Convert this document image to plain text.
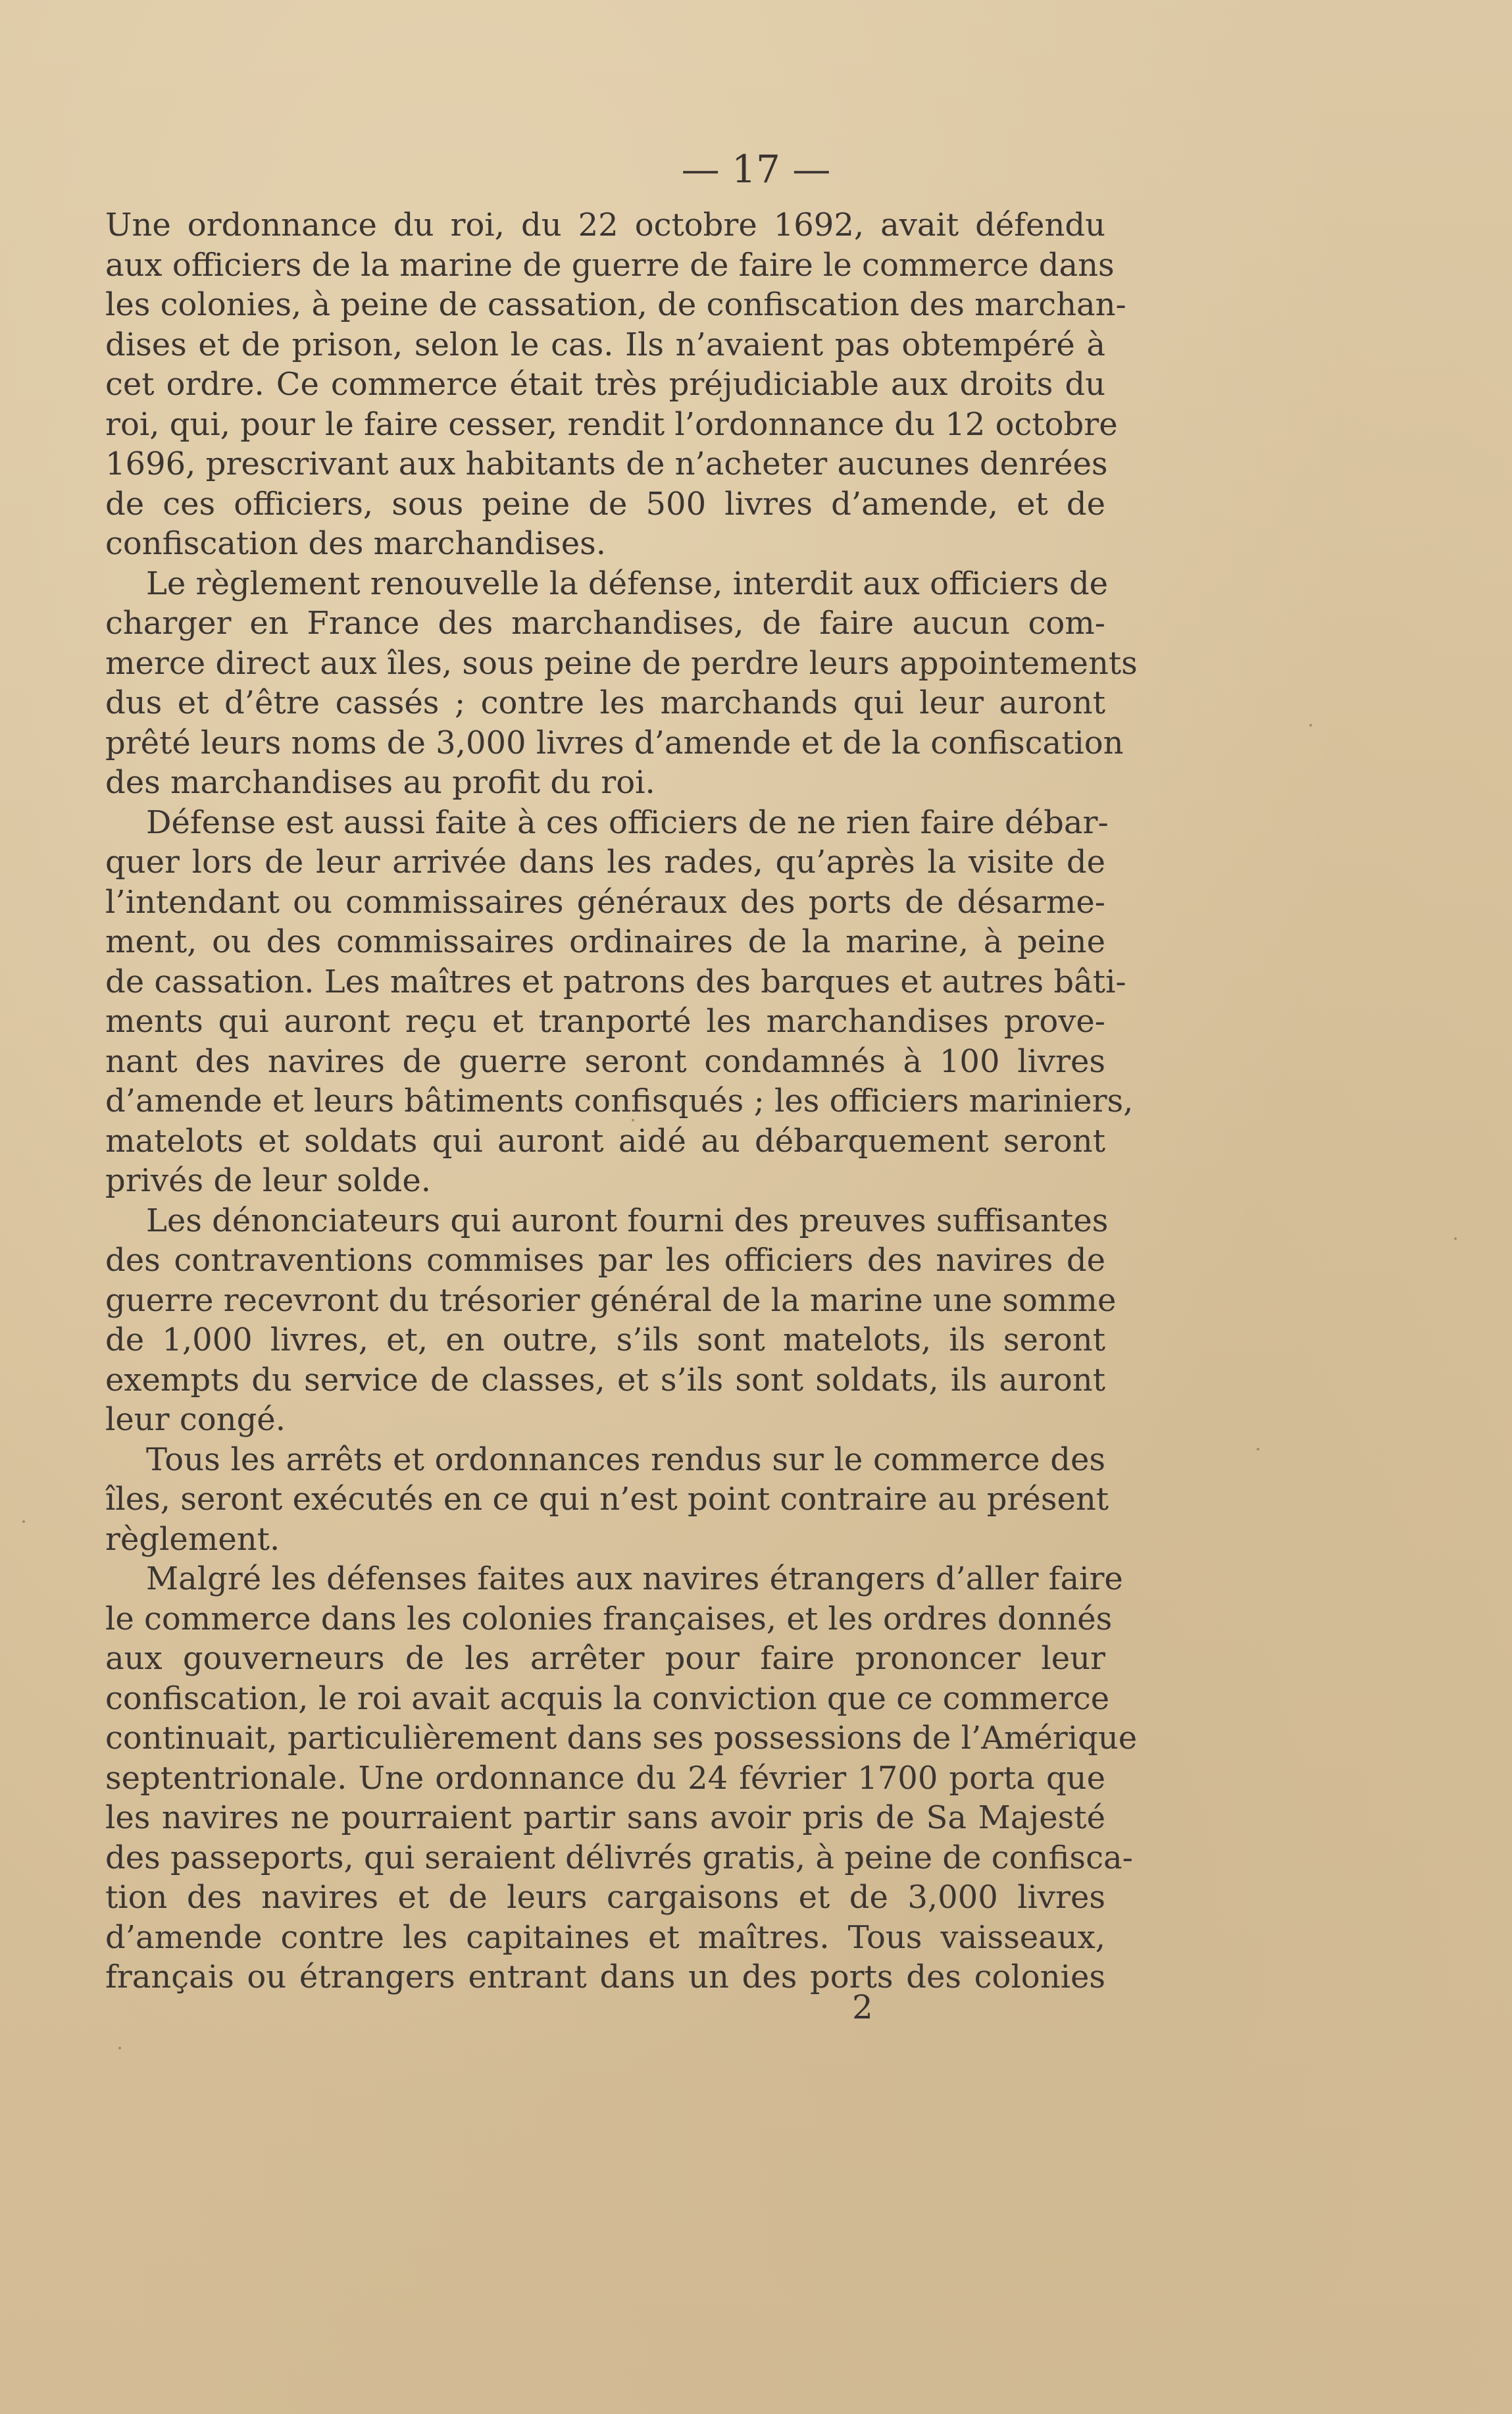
— 17 —
Une ordonnance du roi, du 22 octobre 1692, avait défendu
aux officiers de la marine de guerre de faire le commerce dans
les colonies, à peine de cassation, de confiscation des marchan-
dises et de prison, selon le cas. Ils n’avaient pas obtempéré à
cet ordre. Ce commerce était très préjudiciable aux droits du
roi, qui, pour le faire cesser, rendit l’ordonnance du 12 octobre
1696, prescrivant aux habitants de n’acheter aucunes denrées
de ces officiers, sous peine de 500 livres d’amende, et de
confiscation des marchandises.
Le règlement renouvelle la défense, interdit aux officiers de
charger en France des marchandises, de faire aucun com-
merce direct aux îles, sous peine de perdre leurs appointements
dus et d’être cassés ; contre les marchands qui leur auront
prêté leurs noms de 3,000 livres d’amende et de la confiscation
des marchandises au profit du roi.
Défense est aussi faite à ces officiers de ne rien faire débar-
quer lors de leur arrivée dans les rades, qu’après la visite de
l’intendant ou commissaires généraux des ports de désarme-
ment, ou des commissaires ordinaires de la marine, à peine
de cassation. Les maîtres et patrons des barques et autres bâti-
ments qui auront reçu et tranporté les marchandises prove-
nant des navires de guerre seront condamnés à 100 livres
d’amende et leurs bâtiments confisqués ; les officiers mariniers,
matelots et soldats qui auront aidé au débarquement seront
privés de leur solde.
Les dénonciateurs qui auront fourni des preuves suffisantes
des contraventions commises par les officiers des navires de
guerre recevront du trésorier général de la marine une somme
de 1,000 livres, et, en outre, s’ils sont matelots, ils seront
exempts du service de classes, et s’ils sont soldats, ils auront
leur congé.
Tous les arrêts et ordonnances rendus sur le commerce des
îles, seront exécutés en ce qui n’est point contraire au présent
règlement.
Malgré les défenses faites aux navires étrangers d’aller faire
le commerce dans les colonies françaises, et les ordres donnés
aux gouverneurs de les arrêter pour faire prononcer leur
confiscation, le roi avait acquis la conviction que ce commerce
continuait, particulièrement dans ses possessions de l’Amérique
septentrionale. Une ordonnance du 24 février 1700 porta que
les navires ne pourraient partir sans avoir pris de Sa Majesté
des passeports, qui seraient délivrés gratis, à peine de confisca-
tion des navires et de leurs cargaisons et de 3,000 livres
d’amende contre les capitaines et maîtres. Tous vaisseaux,
français ou étrangers entrant dans un des ports des colonies
2
